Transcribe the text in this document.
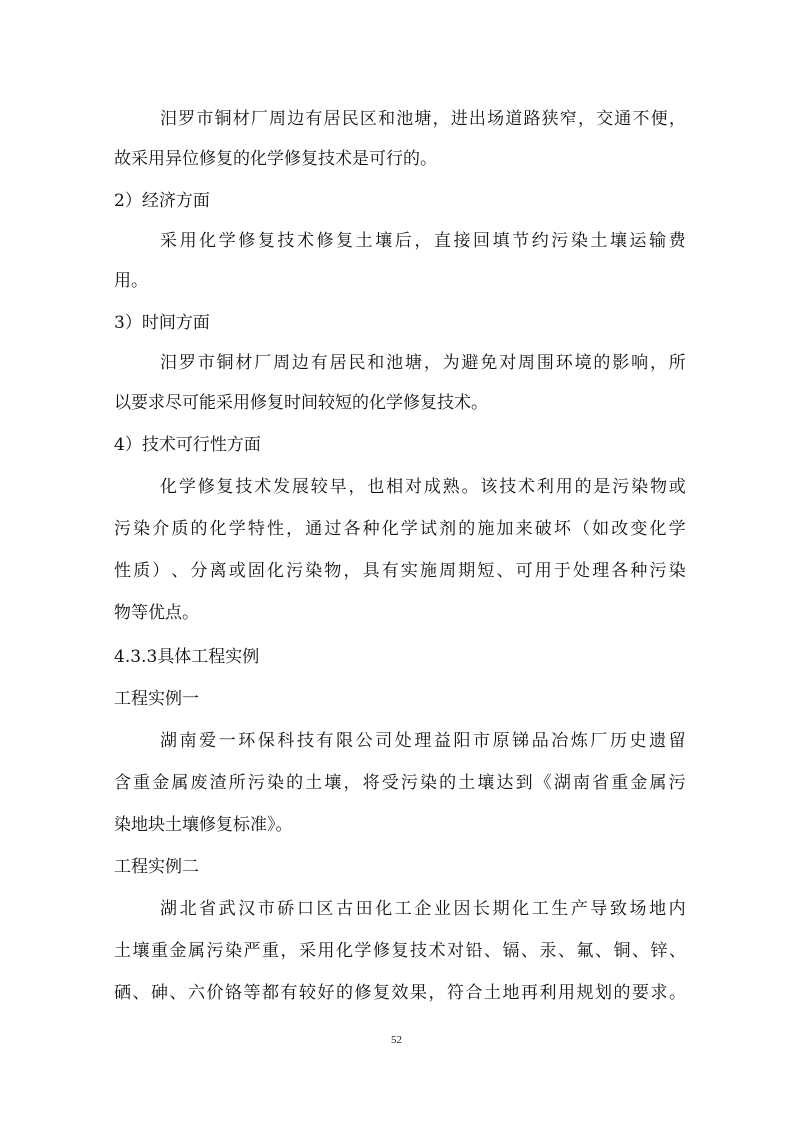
汨 罗 市 铜 材 厂 周 边 有 居 民 区 和 池 塘 ， 进 出 场 道 路 狭 窄 ， 交 通 不 便 ，
故采用异位修复的化学修复技术是可行的。
2）经济方面
采 用 化 学 修 复 技 术 修 复 土 壤 后 ， 直 接 回 填 节 约 污 染 土 壤 运 输 费
用。
3）时间方面
汨 罗 市 铜 材 厂 周 边 有 居 民 和 池 塘 ， 为 避 免 对 周 围 环 境 的 影 响 ， 所
以要求尽可能采用修复时间较短的化学修复技术。
4）技术可行性方面
化 学 修 复 技 术 发 展 较 早 ， 也 相 对 成 熟 。 该 技 术 利 用 的 是 污 染 物 或
污 染 介 质 的 化 学 特 性 ， 通 过 各 种 化 学 试 剂 的 施 加 来 破 坏 （ 如 改 变 化 学
性 质 ） 、 分 离 或 固 化 污 染 物 ， 具 有 实 施 周 期 短 、 可 用 于 处 理 各 种 污 染
物等优点。
4.3.3具体工程实例
工程实例一
湖 南 爱 一 环 保 科 技 有 限 公 司 处 理 益 阳 市 原 锑 品 冶 炼 厂 历 史 遗 留
含 重 金 属 废 渣 所 污 染 的 土 壤 ， 将 受 污 染 的 土 壤 达 到 《 湖 南 省 重 金 属 污
染地块土壤修复标准》。
工程实例二
湖 北 省 武 汉 市 硚 口 区 古 田 化 工 企 业 因 长 期 化 工 生 产 导 致 场 地 内
土 壤 重 金 属 污 染 严 重 ， 采 用 化 学 修 复 技 术 对 铅 、 镉 、 汞 、 氟 、 铜 、 锌 、
硒 、 砷 、 六 价 铬 等 都 有 较 好 的 修 复 效 果 ， 符 合 土 地 再 利 用 规 划 的 要 求 。
52
